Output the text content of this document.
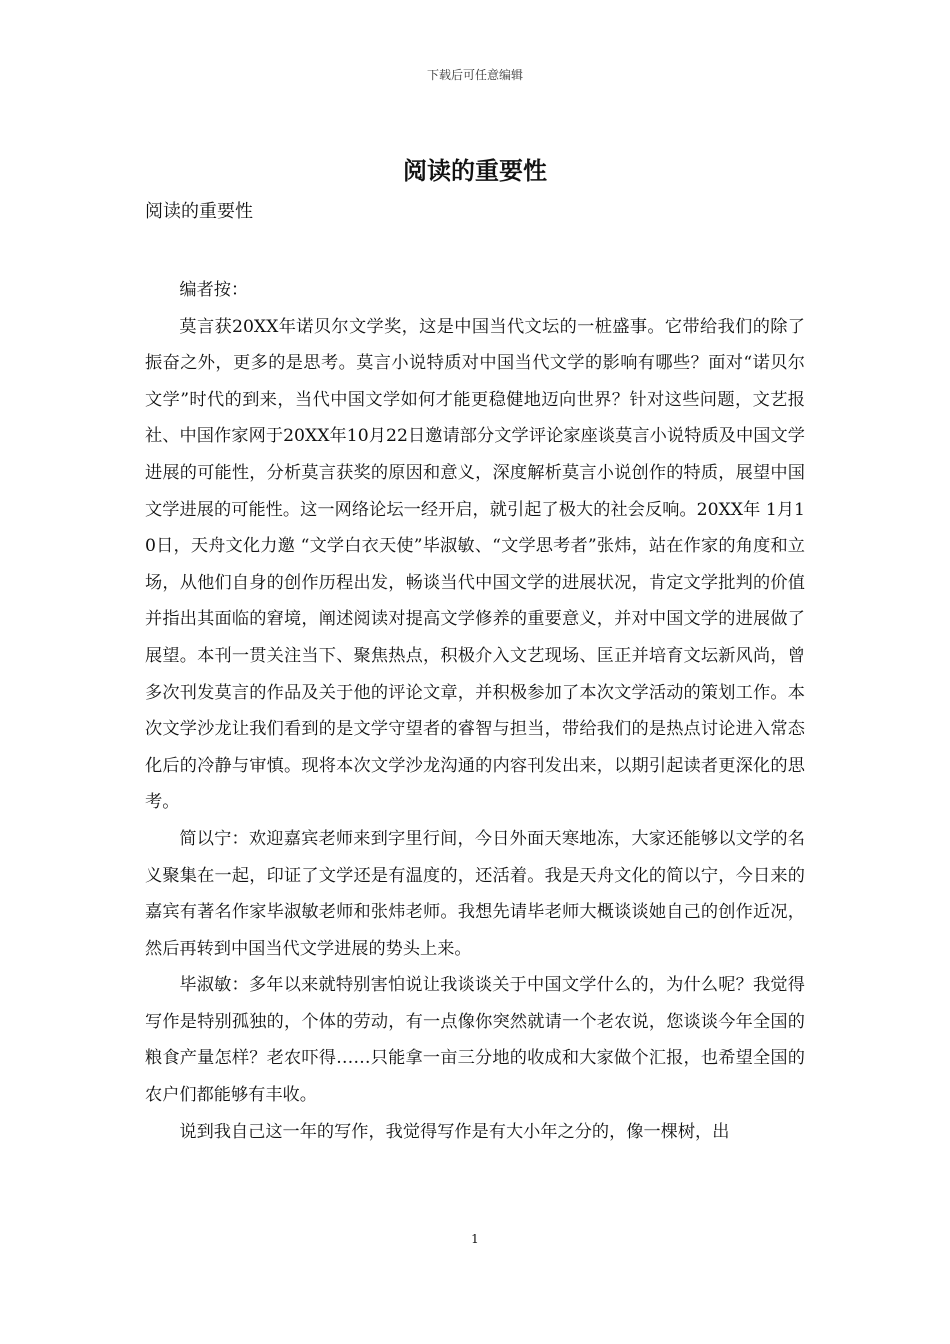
下载后可任意编辑
阅读的重要性
阅读的重要性

编者按：

莫言获20XX年诺贝尔文学奖，这是中国当代文坛的一桩盛事。它带给我们的除了振奋之外，更多的是思考。莫言小说特质对中国当代文学的影响有哪些？面对“诺贝尔文学”时代的到来，当代中国文学如何才能更稳健地迈向世界？针对这些问题，文艺报社、中国作家网于20XX年10月22日邀请部分文学评论家座谈莫言小说特质及中国文学进展的可能性，分析莫言获奖的原因和意义，深度解析莫言小说创作的特质，展望中国文学进展的可能性。这一网络论坛一经开启，就引起了极大的社会反响。20XX年 1月10日，天舟文化力邀 “文学白衣天使”毕淑敏、“文学思考者”张炜，站在作家的角度和立场，从他们自身的创作历程出发，畅谈当代中国文学的进展状况，肯定文学批判的价值并指出其面临的窘境，阐述阅读对提高文学修养的重要意义，并对中国文学的进展做了展望。本刊一贯关注当下、聚焦热点，积极介入文艺现场、匡正并培育文坛新风尚，曾多次刊发莫言的作品及关于他的评论文章，并积极参加了本次文学活动的策划工作。本次文学沙龙让我们看到的是文学守望者的睿智与担当，带给我们的是热点讨论进入常态化后的冷静与审慎。现将本次文学沙龙沟通的内容刊发出来，以期引起读者更深化的思考。

简以宁：欢迎嘉宾老师来到字里行间，今日外面天寒地冻，大家还能够以文学的名义聚集在一起，印证了文学还是有温度的，还活着。我是天舟文化的简以宁，今日来的嘉宾有著名作家毕淑敏老师和张炜老师。我想先请毕老师大概谈谈她自己的创作近况，然后再转到中国当代文学进展的势头上来。

毕淑敏：多年以来就特别害怕说让我谈谈关于中国文学什么的，为什么呢？我觉得写作是特别孤独的，个体的劳动，有一点像你突然就请一个老农说，您谈谈今年全国的粮食产量怎样？老农吓得……只能拿一亩三分地的收成和大家做个汇报，也希望全国的农户们都能够有丰收。

说到我自己这一年的写作，我觉得写作是有大小年之分的，像一棵树，出

1
